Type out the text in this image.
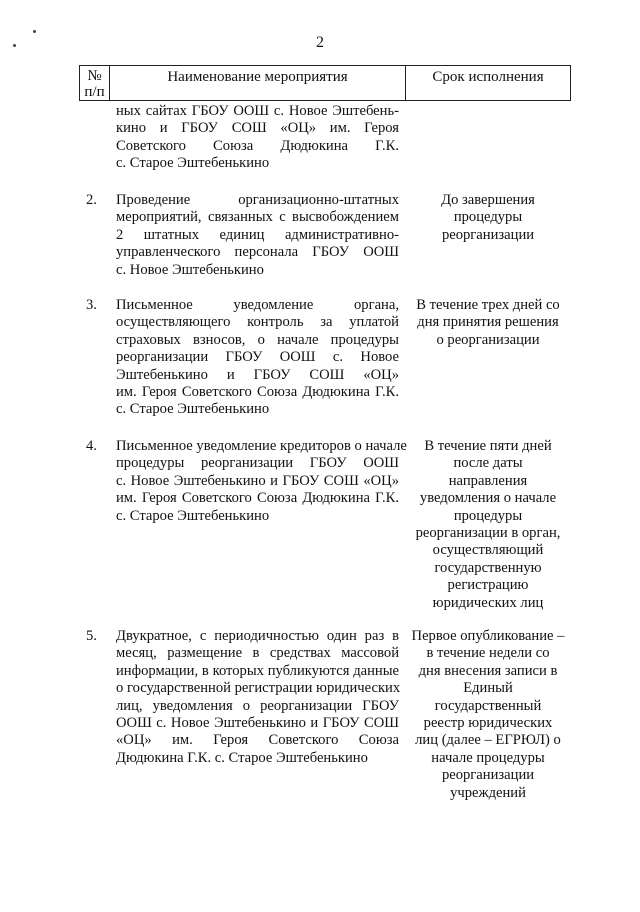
2
№
п/п
Наименование мероприятия	Срок исполнения
ных сайтах ГБОУ ООШ с. Новое Эштебень-
кино и ГБОУ СОШ «ОЦ» им. Героя
Советского Союза Дюдюкина Г.К.
с. Старое Эштебенькино
2. Проведение организационно-штатных
мероприятий, связанных с высвобождением
2 штатных единиц административно-
управленческого персонала ГБОУ ООШ
с. Новое Эштебенькино
До завершения
процедуры
реорганизации
3. Письменное уведомление органа,
осуществляющего контроль за уплатой
страховых взносов, о начале процедуры
реорганизации ГБОУ ООШ с. Новое
Эштебенькино и ГБОУ СОШ «ОЦ»
им. Героя Советского Союза Дюдюкина Г.К.
с. Старое Эштебенькино
В течение трех дней со
дня принятия решения
о реорганизации
4. Письменное уведомление кредиторов о начале
процедуры реорганизации ГБОУ ООШ
с. Новое Эштебенькино и ГБОУ СОШ «ОЦ»
им. Героя Советского Союза Дюдюкина Г.К.
с. Старое Эштебенькино
В течение пяти дней
после даты
направления
уведомления о начале
процедуры
реорганизации в орган,
осуществляющий
государственную
регистрацию
юридических лиц
5. Двукратное, с периодичностью один раз в
месяц, размещение в средствах массовой
информации, в которых публикуются данные
о государственной регистрации юридических
лиц, уведомления о реорганизации ГБОУ
ООШ с. Новое Эштебенькино и ГБОУ СОШ
«ОЦ» им. Героя Советского Союза
Дюдюкина Г.К. с. Старое Эштебенькино
Первое опубликование –
в течение недели со
дня внесения записи в
Единый
государственный
реестр юридических
лиц (далее – ЕГРЮЛ) о
начале процедуры
реорганизации
учреждений
